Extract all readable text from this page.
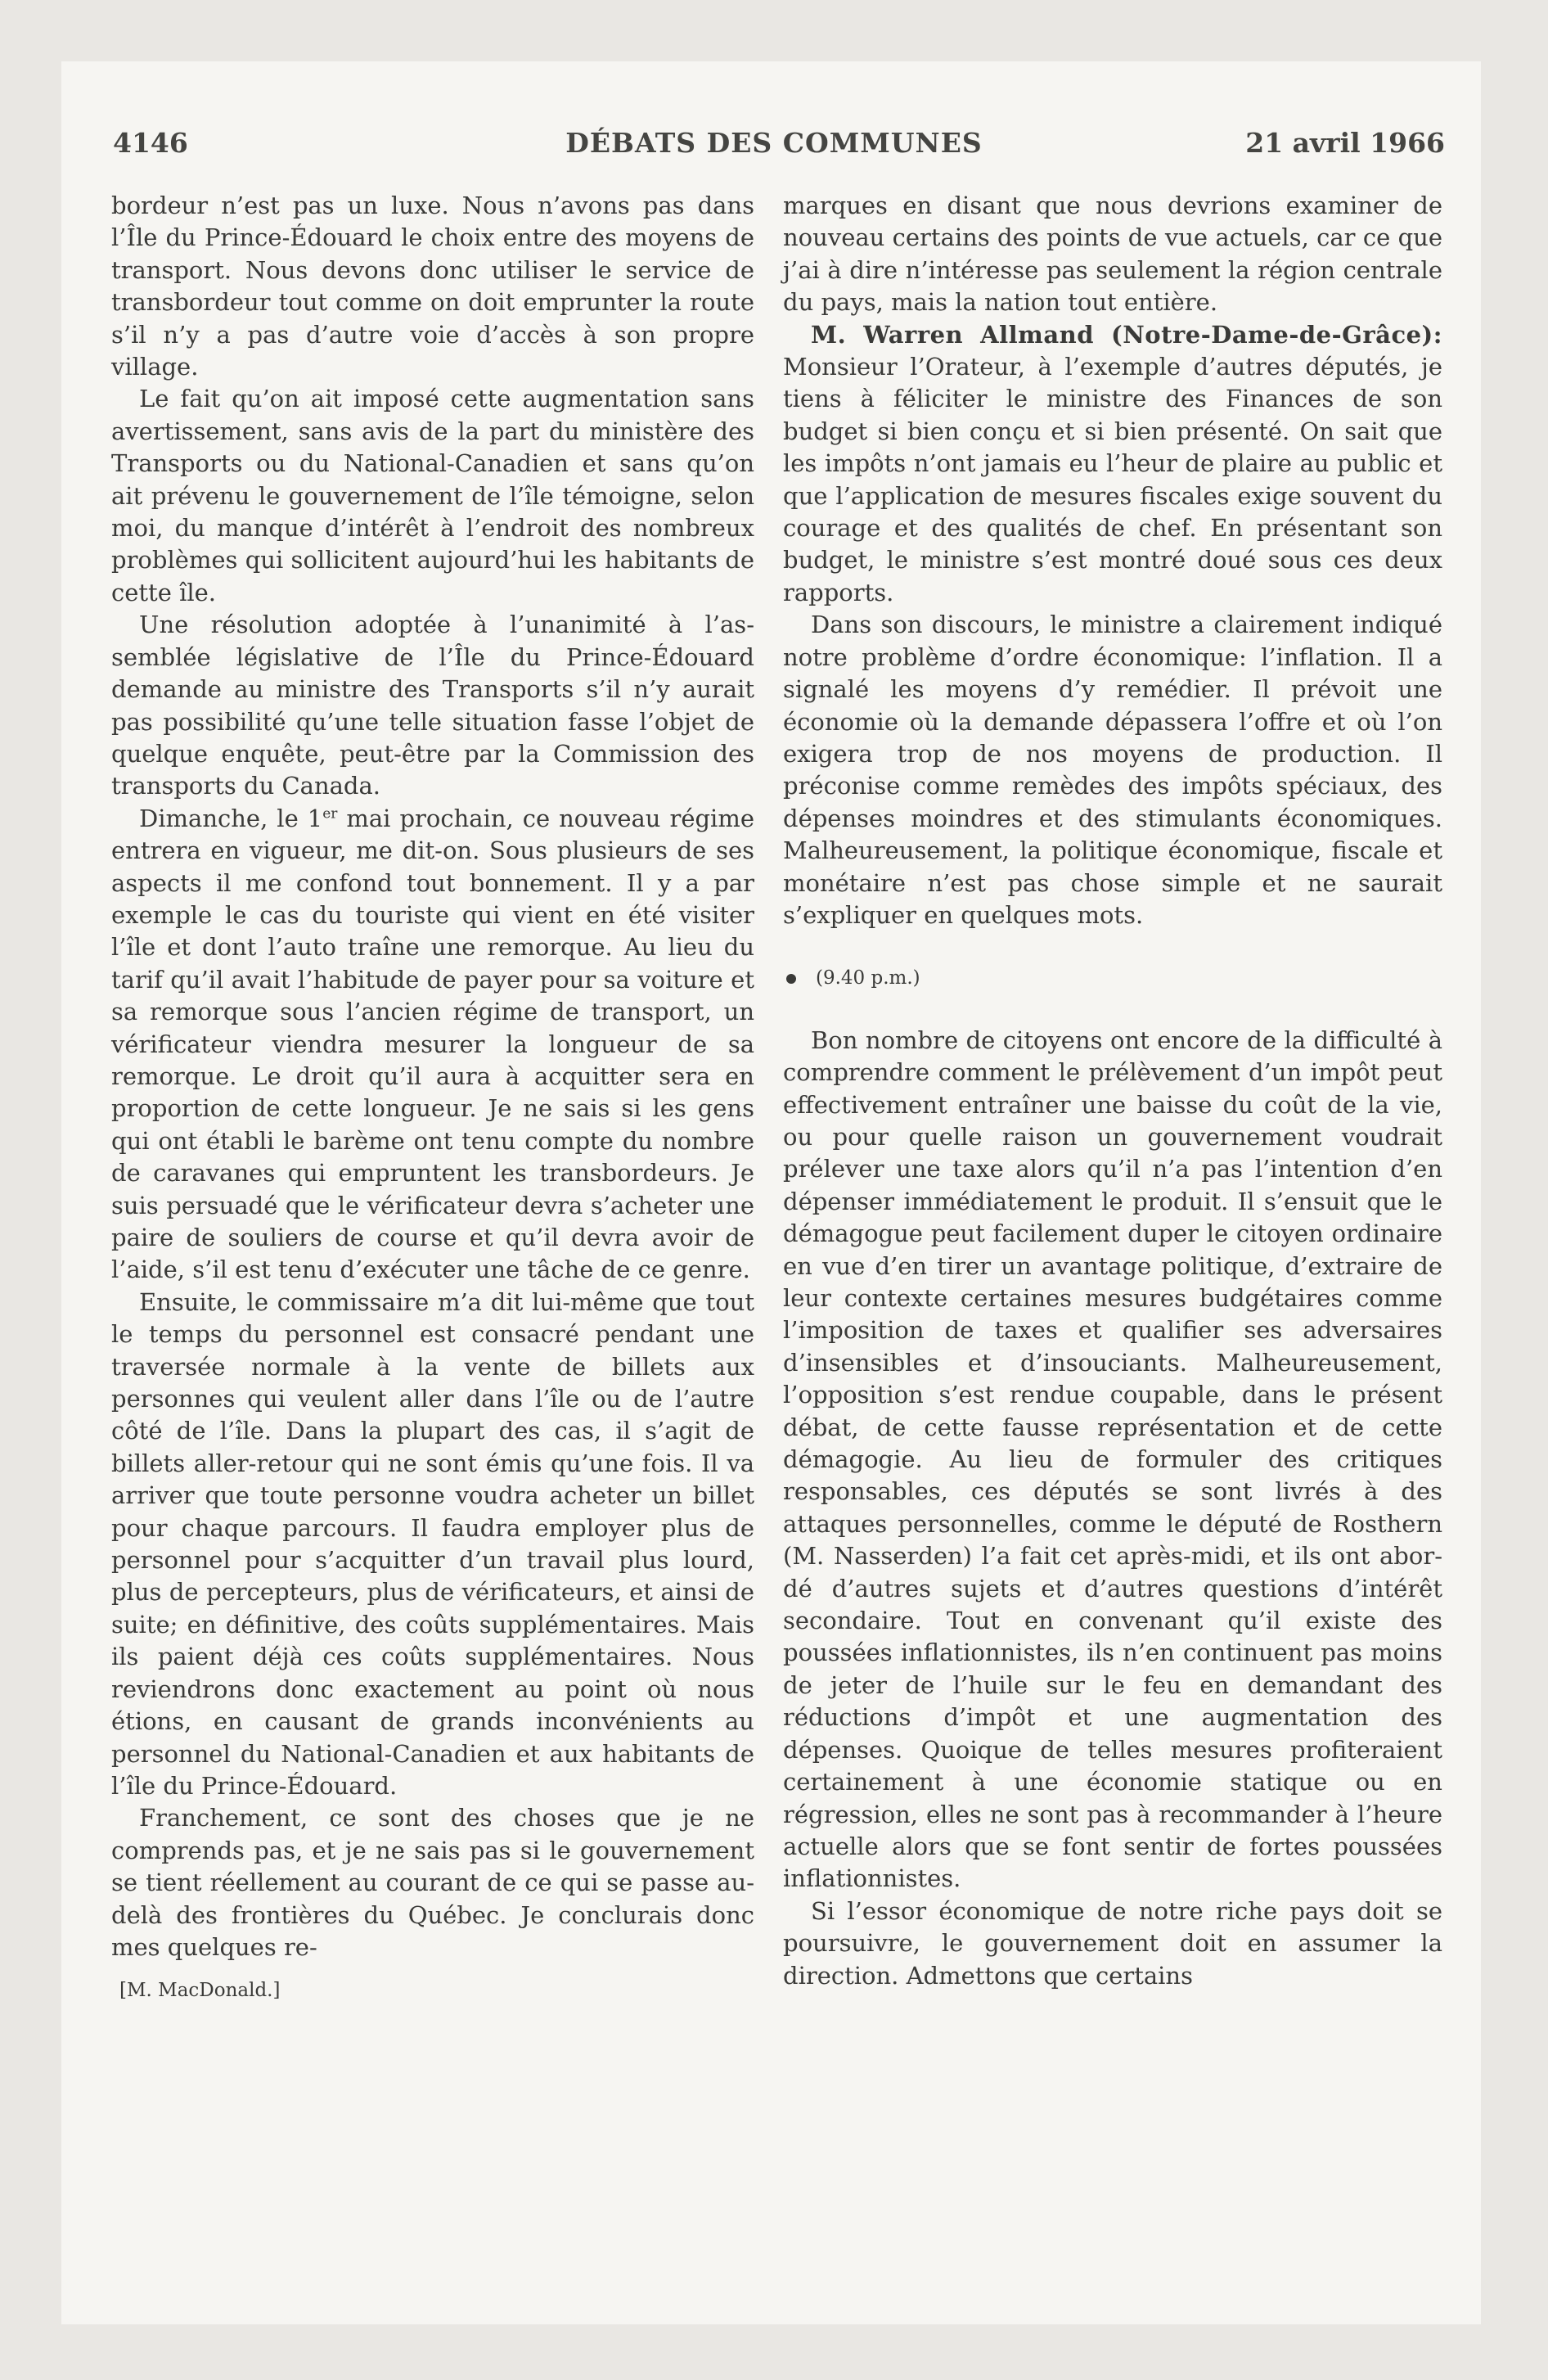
4146	DÉBATS DES COMMUNES	21 avril 1966

bordeur n’est pas un luxe. Nous n’avons pas dans l’Île du Prince-Édouard le choix entre des moyens de transport. Nous devons donc utiliser le service de transbordeur tout comme on doit emprunter la route s’il n’y a pas d’autre voie d’accès à son propre village.

Le fait qu’on ait imposé cette augmentation sans avertissement, sans avis de la part du ministère des Transports ou du National-Canadien et sans qu’on ait prévenu le gouvernement de l’île témoigne, selon moi, du manque d’intérêt à l’endroit des nombreux problèmes qui sollicitent aujourd’hui les habitants de cette île.

Une résolution adoptée à l’unanimité à l’assemblée législative de l’Île du Prince-Édouard demande au ministre des Transports s’il n’y aurait pas possibilité qu’une telle situation fasse l’objet de quelque enquête, peut-être par la Commission des transports du Canada.

Dimanche, le 1er mai prochain, ce nouveau régime entrera en vigueur, me dit-on. Sous plusieurs de ses aspects il me confond tout bonnement. Il y a par exemple le cas du touriste qui vient en été visiter l’île et dont l’auto traîne une remorque. Au lieu du tarif qu’il avait l’habitude de payer pour sa voiture et sa remorque sous l’ancien régime de transport, un vérificateur viendra mesurer la longueur de sa remorque. Le droit qu’il aura à acquitter sera en proportion de cette longueur. Je ne sais si les gens qui ont établi le barème ont tenu compte du nombre de caravanes qui empruntent les transbordeurs. Je suis persuadé que le vérificateur devra s’acheter une paire de souliers de course et qu’il devra avoir de l’aide, s’il est tenu d’exécuter une tâche de ce genre.

Ensuite, le commissaire m’a dit lui-même que tout le temps du personnel est consacré pendant une traversée normale à la vente de billets aux personnes qui veulent aller dans l’île ou de l’autre côté de l’île. Dans la plupart des cas, il s’agit de billets aller-retour qui ne sont émis qu’une fois. Il va arriver que toute personne voudra acheter un billet pour chaque parcours. Il faudra employer plus de personnel pour s’acquitter d’un travail plus lourd, plus de percepteurs, plus de vérificateurs, et ainsi de suite; en définitive, des coûts supplémentaires. Mais ils paient déjà ces coûts supplémentaires. Nous reviendrons donc exactement au point où nous étions, en causant de grands inconvénients au personnel du National-Canadien et aux habitants de l’île du Prince-Édouard.

Franchement, ce sont des choses que je ne comprends pas, et je ne sais pas si le gouvernement se tient réellement au courant de ce qui se passe au-delà des frontières du Québec. Je conclurais donc mes quelques re-

[M. MacDonald.]

marques en disant que nous devrions examiner de nouveau certains des points de vue actuels, car ce que j’ai à dire n’intéresse pas seulement la région centrale du pays, mais la nation tout entière.

M. Warren Allmand (Notre-Dame-de-Grâce): Monsieur l’Orateur, à l’exemple d’autres députés, je tiens à féliciter le ministre des Finances de son budget si bien conçu et si bien présenté. On sait que les impôts n’ont jamais eu l’heur de plaire au public et que l’application de mesures fiscales exige souvent du courage et des qualités de chef. En présentant son budget, le ministre s’est montré doué sous ces deux rapports.

Dans son discours, le ministre a clairement indiqué notre problème d’ordre économique: l’inflation. Il a signalé les moyens d’y remédier. Il prévoit une économie où la demande dépassera l’offre et où l’on exigera trop de nos moyens de production. Il préconise comme remèdes des impôts spéciaux, des dépenses moindres et des stimulants économiques. Malheureusement, la politique économique, fiscale et monétaire n’est pas chose simple et ne saurait s’expliquer en quelques mots.

(9.40 p.m.)

Bon nombre de citoyens ont encore de la difficulté à comprendre comment le prélèvement d’un impôt peut effectivement entraîner une baisse du coût de la vie, ou pour quelle raison un gouvernement voudrait prélever une taxe alors qu’il n’a pas l’intention d’en dépenser immédiatement le produit. Il s’ensuit que le démagogue peut facilement duper le citoyen ordinaire en vue d’en tirer un avantage politique, d’extraire de leur contexte certaines mesures budgétaires comme l’imposition de taxes et qualifier ses adversaires d’insensibles et d’insouciants. Malheureusement, l’opposition s’est rendue coupable, dans le présent débat, de cette fausse représentation et de cette démagogie. Au lieu de formuler des critiques responsables, ces députés se sont livrés à des attaques personnelles, comme le député de Rosthern (M. Nasserden) l’a fait cet après-midi, et ils ont abordé d’autres sujets et d’autres questions d’intérêt secondaire. Tout en convenant qu’il existe des poussées inflationnistes, ils n’en continuent pas moins de jeter de l’huile sur le feu en demandant des réductions d’impôt et une augmentation des dépenses. Quoique de telles mesures profiteraient certainement à une économie statique ou en régression, elles ne sont pas à recommander à l’heure actuelle alors que se font sentir de fortes poussées inflationnistes.

Si l’essor économique de notre riche pays doit se poursuivre, le gouvernement doit en assumer la direction. Admettons que certains
